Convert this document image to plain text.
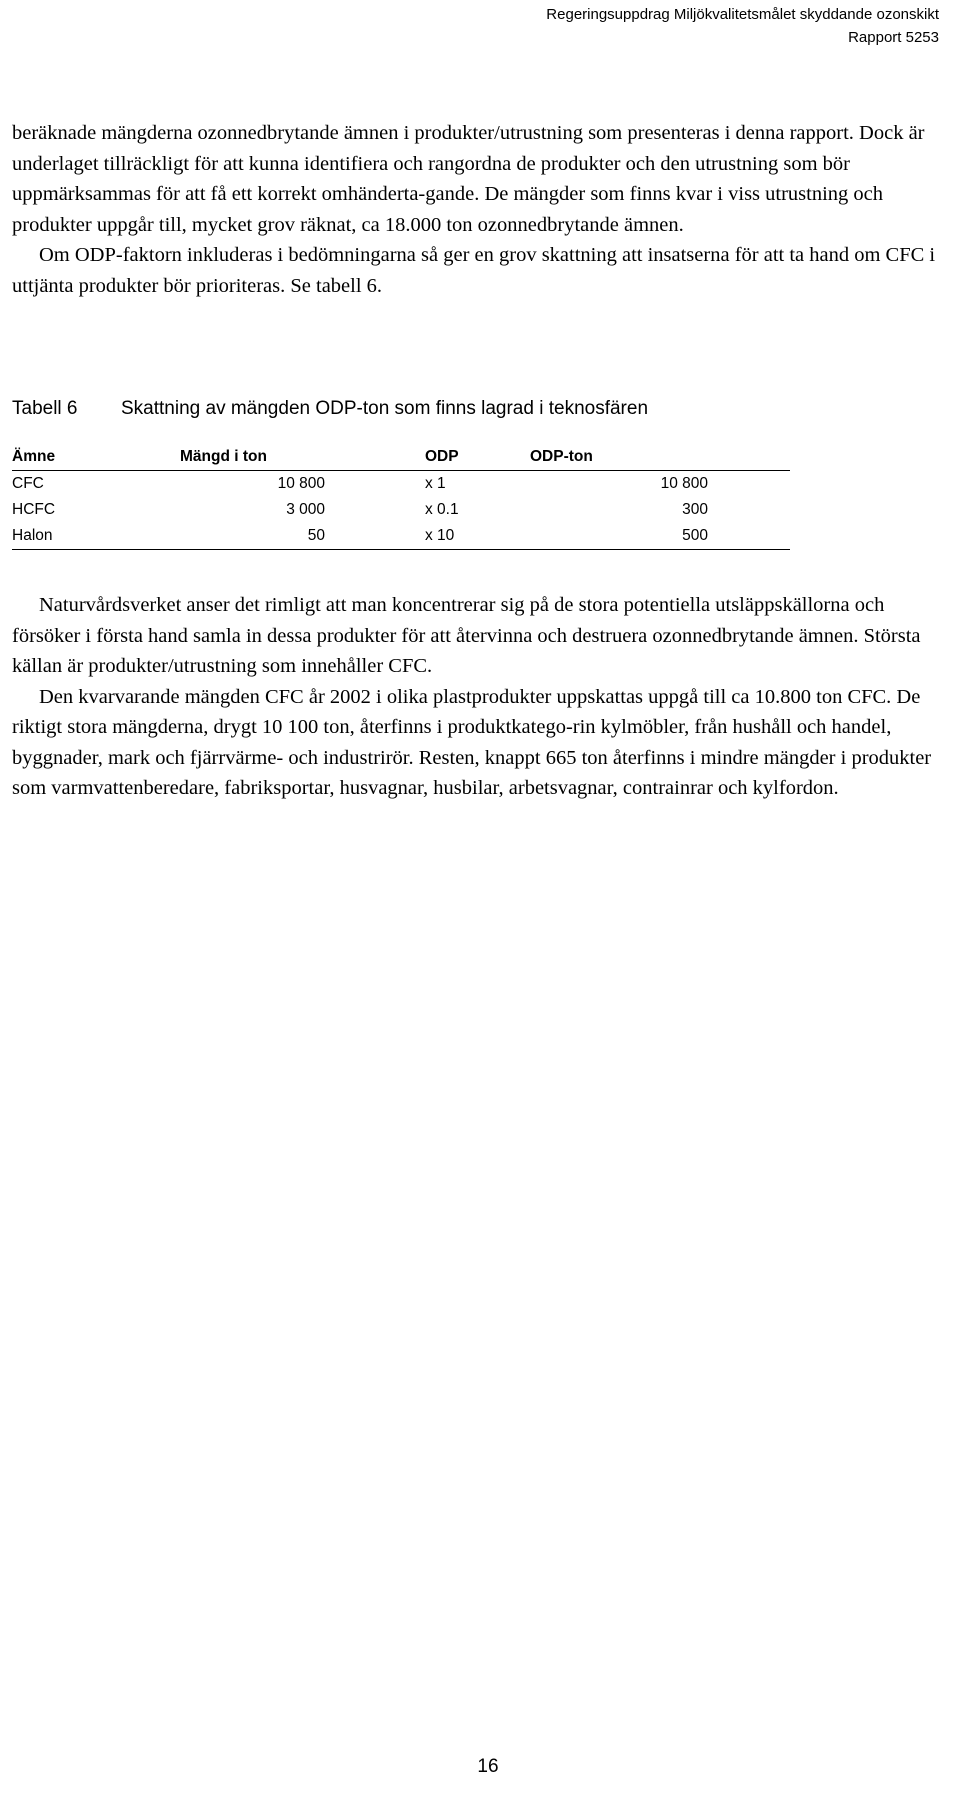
Regeringsuppdrag Miljökvalitetsmålet skyddande ozonskikt
Rapport 5253

beräknade mängderna ozonnedbrytande ämnen i produkter/utrustning som presenteras i denna rapport. Dock är underlaget tillräckligt för att kunna identifiera och rangordna de produkter och den utrustning som bör uppmärksammas för att få ett korrekt omhänderta-gande. De mängder som finns kvar i viss utrustning och produkter uppgår till, mycket grov räknat, ca 18.000 ton ozonnedbrytande ämnen.

Om ODP-faktorn inkluderas i bedömningarna så ger en grov skattning att insatserna för att ta hand om CFC i uttjänta produkter bör prioriteras. Se tabell 6.

Tabell 6 Skattning av mängden ODP-ton som finns lagrad i teknosfären
Ämne	Mängd i ton	ODP	ODP-ton	
CFC	10 800	x 1	10 800	
HCFC	3 000	x 0.1	300	
Halon	50	x 10	500	

Naturvårdsverket anser det rimligt att man koncentrerar sig på de stora potentiella utsläppskällorna och försöker i första hand samla in dessa produkter för att återvinna och destruera ozonnedbrytande ämnen. Största källan är produkter/utrustning som innehåller CFC.

Den kvarvarande mängden CFC år 2002 i olika plastprodukter uppskattas uppgå till ca 10.800 ton CFC. De riktigt stora mängderna, drygt 10 100 ton, återfinns i produktkatego-rin kylmöbler, från hushåll och handel, byggnader, mark och fjärrvärme- och industrirör. Resten, knappt 665 ton återfinns i mindre mängder i produkter som varmvattenberedare, fabriksportar, husvagnar, husbilar, arbetsvagnar, contrainrar och kylfordon.

16
